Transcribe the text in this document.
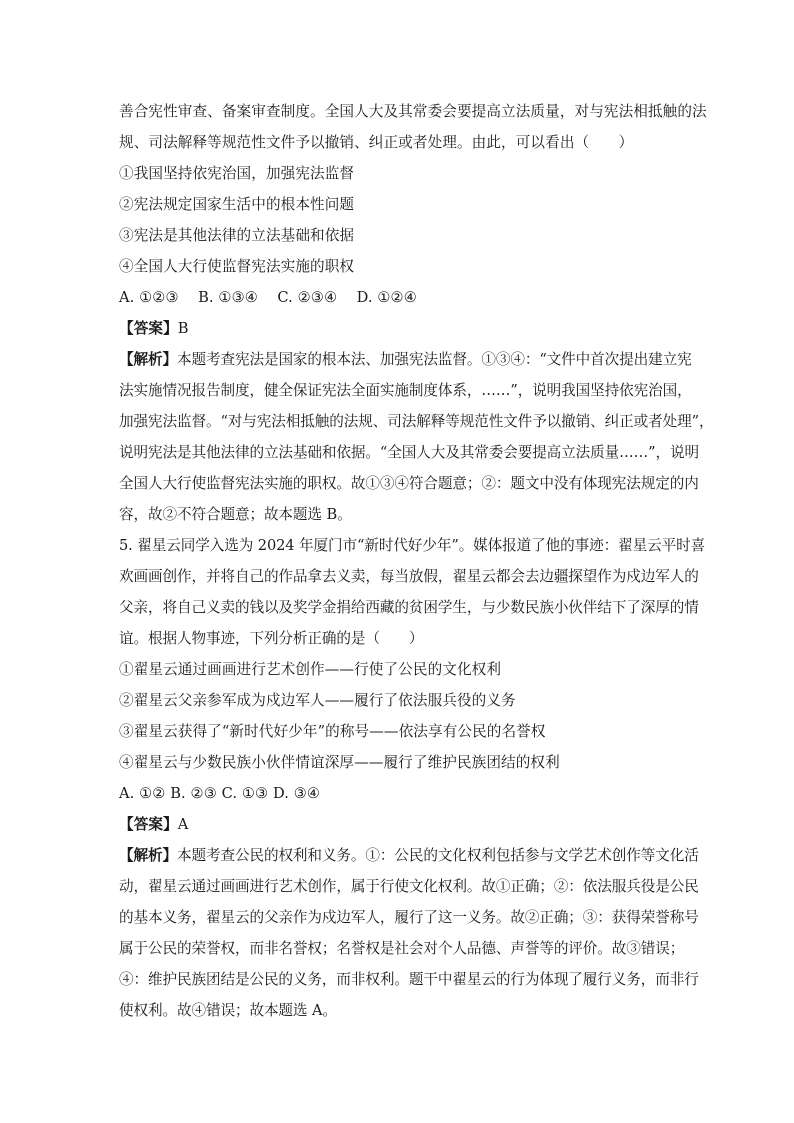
善合宪性审查、备案审查制度。全国人大及其常委会要提高立法质量，对与宪法相抵触的法
规、司法解释等规范性文件予以撤销、纠正或者处理。由此，可以看出（　　）
①我国坚持依宪治国，加强宪法监督
②宪法规定国家生活中的根本性问题
③宪法是其他法律的立法基础和依据
④全国人大行使监督宪法实施的职权
A. ①②③　 B. ①③④　 C. ②③④　 D. ①②④
【答案】B
【解析】本题考查宪法是国家的根本法、加强宪法监督。①③④：“文件中首次提出建立宪
法实施情况报告制度，健全保证宪法全面实施制度体系，……”，说明我国坚持依宪治国，
加强宪法监督。“对与宪法相抵触的法规、司法解释等规范性文件予以撤销、纠正或者处理”，
说明宪法是其他法律的立法基础和依据。“全国人大及其常委会要提高立法质量……”，说明
全国人大行使监督宪法实施的职权。故①③④符合题意；②：题文中没有体现宪法规定的内
容，故②不符合题意；故本题选 B。
5. 翟星云同学入选为 2024 年厦门市“新时代好少年”。媒体报道了他的事迹：翟星云平时喜
欢画画创作，并将自己的作品拿去义卖，每当放假，翟星云都会去边疆探望作为戍边军人的
父亲，将自己义卖的钱以及奖学金捐给西藏的贫困学生，与少数民族小伙伴结下了深厚的情
谊。根据人物事迹，下列分析正确的是（　　）
①翟星云通过画画进行艺术创作——行使了公民的文化权利
②翟星云父亲参军成为戍边军人——履行了依法服兵役的义务
③翟星云获得了“新时代好少年”的称号——依法享有公民的名誉权
④翟星云与少数民族小伙伴情谊深厚——履行了维护民族团结的权利
A. ①② B. ②③ C. ①③ D. ③④
【答案】A
【解析】本题考查公民的权利和义务。①：公民的文化权利包括参与文学艺术创作等文化活
动，翟星云通过画画进行艺术创作，属于行使文化权利。故①正确；②：依法服兵役是公民
的基本义务，翟星云的父亲作为戍边军人，履行了这一义务。故②正确；③：获得荣誉称号
属于公民的荣誉权，而非名誉权；名誉权是社会对个人品德、声誉等的评价。故③错误；
④：维护民族团结是公民的义务，而非权利。题干中翟星云的行为体现了履行义务，而非行
使权利。故④错误；故本题选 A。
